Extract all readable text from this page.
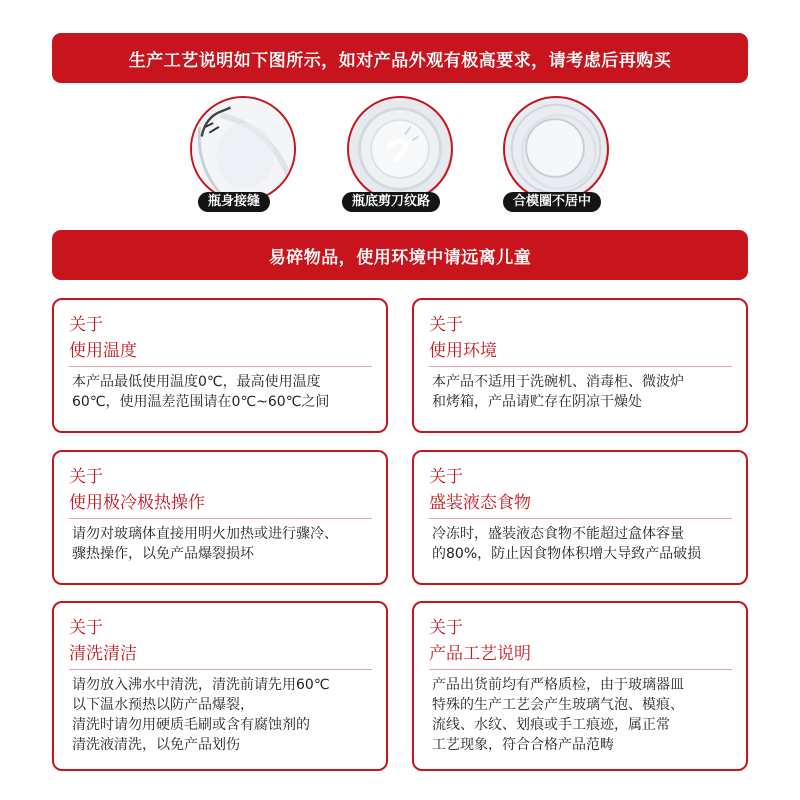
生产工艺说明如下图所示，如对产品外观有极高要求，请考虑后再购买
瓶身接缝	瓶底剪刀纹路	合模圈不居中
易碎物品，使用环境中请远离儿童
关于
使用温度
本产品最低使用温度0℃，最高使用温度
60℃，使用温差范围请在0℃~60℃之间
关于
使用环境
本产品不适用于洗碗机、消毒柜、微波炉
和烤箱，产品请贮存在阴凉干燥处
关于
使用极冷极热操作
请勿对玻璃体直接用明火加热或进行骤冷、
骤热操作，以免产品爆裂损坏
关于
盛装液态食物
冷冻时，盛装液态食物不能超过盒体容量
的80%，防止因食物体积增大导致产品破损
关于
清洗清洁
请勿放入沸水中清洗，清洗前请先用60℃
以下温水预热以防产品爆裂，
清洗时请勿用硬质毛刷或含有腐蚀剂的
清洗液清洗，以免产品划伤
关于
产品工艺说明
产品出货前均有严格质检，由于玻璃器皿
特殊的生产工艺会产生玻璃气泡、模痕、
流线、水纹、划痕或手工痕迹，属正常
工艺现象，符合合格产品范畴
